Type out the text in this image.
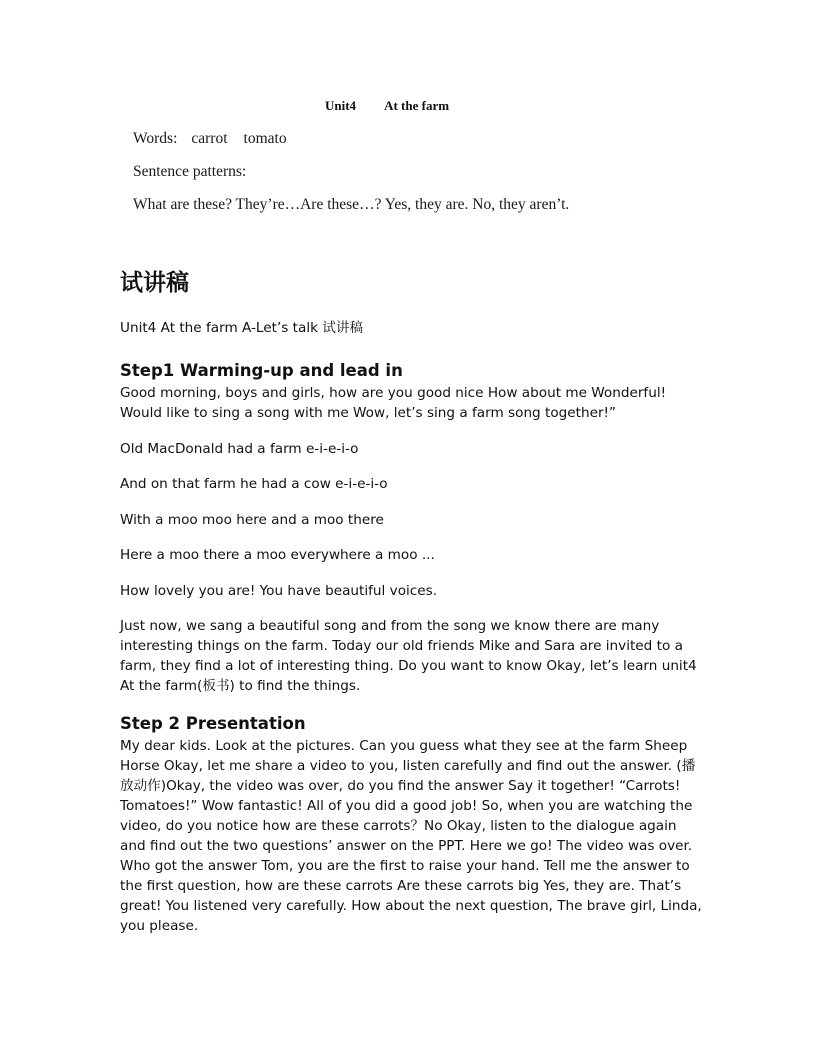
Unit4 At the farm
Words: carrot tomato
Sentence patterns:
What are these? They’re…Are these…? Yes, they are. No, they aren’t.
试讲稿

Unit4 At the farm A-Let’s talk 试讲稿

Step1 Warming-up and lead in

Good morning, boys and girls, how are you good nice How about me Wonderful! Would like to sing a song with me Wow, let’s sing a farm song together!”

Old MacDonald had a farm e-i-e-i-o

And on that farm he had a cow e-i-e-i-o

With a moo moo here and a moo there

Here a moo there a moo everywhere a moo ...

How lovely you are! You have beautiful voices.

Just now, we sang a beautiful song and from the song we know there are many interesting things on the farm. Today our old friends Mike and Sara are invited to a farm, they find a lot of interesting thing. Do you want to know Okay, let’s learn unit4 At the farm(板书) to find the things.

Step 2 Presentation

My dear kids. Look at the pictures. Can you guess what they see at the farm Sheep Horse Okay, let me share a video to you, listen carefully and find out the answer. (播放动作)Okay, the video was over, do you find the answer Say it together! “Carrots! Tomatoes!” Wow fantastic! All of you did a good job! So, when you are watching the video, do you notice how are these carrots？No Okay, listen to the dialogue again and find out the two questions’ answer on the PPT. Here we go! The video was over. Who got the answer Tom, you are the first to raise your hand. Tell me the answer to the first question, how are these carrots Are these carrots big Yes, they are. That’s great! You listened very carefully. How about the next question, The brave girl, Linda, you please.
